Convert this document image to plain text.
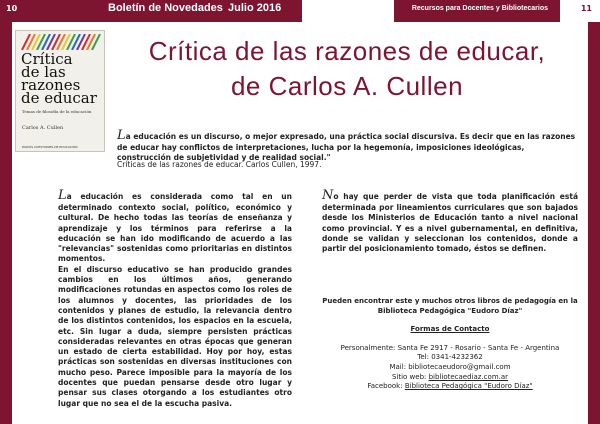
10	Boletín de Novedades Julio 2016	Recursos para Docentes y Bibliotecarios	11
Crítica
de las
razones
de educar
Temas de filosofía de la educación
Carlos A. Cullen
PAIDÓS CUESTIONES DE EDUCACIÓN
Crítica de las razones de educar,
de Carlos A. Cullen
La educación es un discurso, o mejor expresado, una práctica social discursiva. Es decir que en las razones de educar hay conflictos de interpretaciones, lucha por la hegemonía, imposiciones ideológicas, construcción de subjetividad y de realidad social."
Críticas de las razones de educar. Carlos Cullen, 1997.

La educación es considerada como tal en un determinado contexto social, político, económico y cultural. De hecho todas las teorías de enseñanza y aprendizaje y los términos para referirse a la educación se han ido modificando de acuerdo a las "relevancias" sostenidas como prioritarias en distintos momentos.

En el discurso educativo se han producido grandes cambios en los últimos años, generando modificaciones rotundas en aspectos como los roles de los alumnos y docentes, las prioridades de los contenidos y planes de estudio, la relevancia dentro de los distintos contenidos, los espacios en la escuela, etc. Sin lugar a duda, siempre persisten prácticas consideradas relevantes en otras épocas que generan un estado de cierta estabilidad. Hoy por hoy, estas prácticas son sostenidas en diversas instituciones con mucho peso. Parece imposible para la mayoría de los docentes que puedan pensarse desde otro lugar y pensar sus clases otorgando a los estudiantes otro lugar que no sea el de la escucha pasiva.

No hay que perder de vista que toda planificación está determinada por lineamientos curriculares que son bajados desde los Ministerios de Educación tanto a nivel nacional como provincial. Y es a nivel gubernamental, en definitiva, donde se validan y seleccionan los contenidos, donde a partir del posicionamiento tomado, éstos se definen.
Pueden encontrar este y muchos otros libros de pedagogía en la Biblioteca Pedagógica "Eudoro Díaz"
Formas de Contacto
Personalmente: Santa Fe 2917 - Rosario - Santa Fe - Argentina
Tel: 0341-4232362
Mail: bibliotecaeudoro@gmail.com
Sitio web: bibliotecaediaz.com.ar
Facebook: Biblioteca Pedagógica "Eudoro Díaz"
